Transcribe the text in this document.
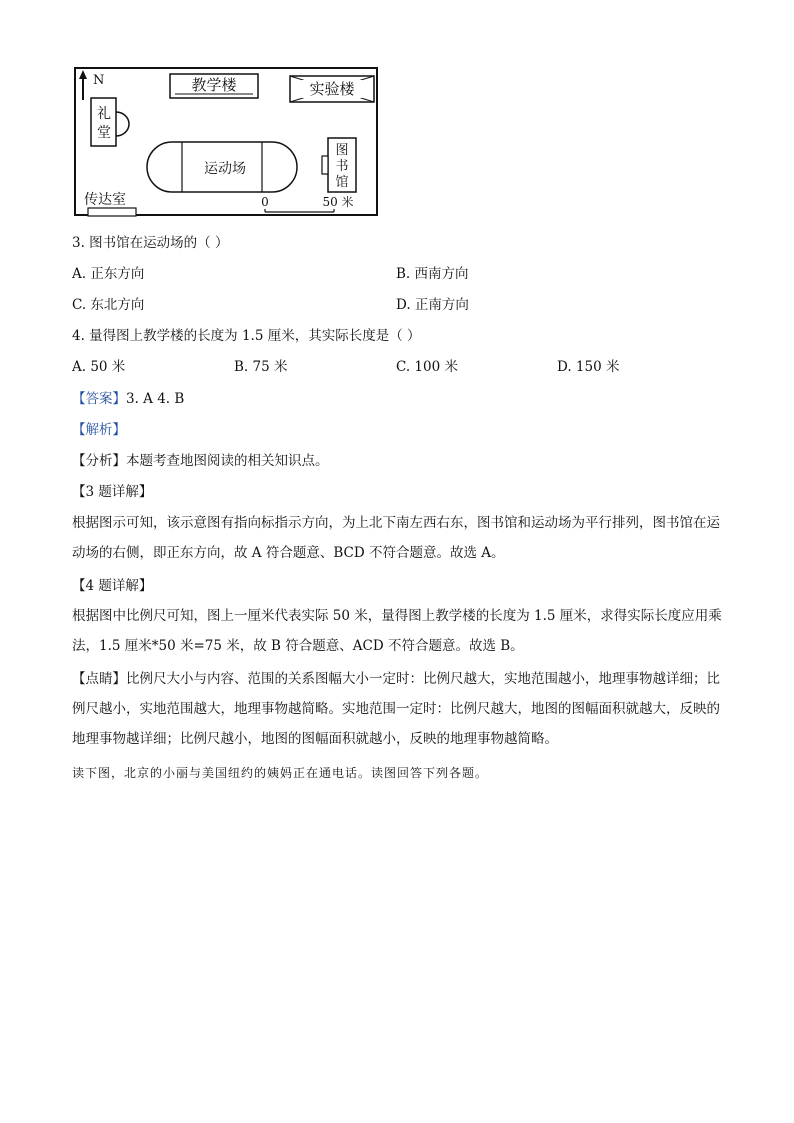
N	教学楼	实验楼
礼
堂
运动场
图
书
馆
传达室	0	50 米
3. 图书馆在运动场的（ ）
A. 正东方向	B. 西南方向
C. 东北方向	D. 正南方向
4. 量得图上教学楼的长度为 1.5 厘米，其实际长度是（ ）
A. 50 米	B. 75 米	C. 100 米	D. 150 米
【答案】3. A 4. B
【解析】
【分析】本题考查地图阅读的相关知识点。
【3 题详解】
根据图示可知，该示意图有指向标指示方向，为上北下南左西右东，图书馆和运动场为平行排列，图书馆在运动场的右侧，即正东方向，故 A 符合题意、BCD 不符合题意。故选 A。
【4 题详解】
根据图中比例尺可知，图上一厘米代表实际 50 米，量得图上教学楼的长度为 1.5 厘米，求得实际长度应用乘法，1.5 厘米*50 米=75 米，故 B 符合题意、ACD 不符合题意。故选 B。
【点睛】比例尺大小与内容、范围的关系图幅大小一定时：比例尺越大，实地范围越小，地理事物越详细；比例尺越小，实地范围越大，地理事物越简略。实地范围一定时：比例尺越大，地图的图幅面积就越大，反映的地理事物越详细；比例尺越小，地图的图幅面积就越小，反映的地理事物越简略。
读下图，北京的小丽与美国纽约的姨妈正在通电话。读图回答下列各题。
